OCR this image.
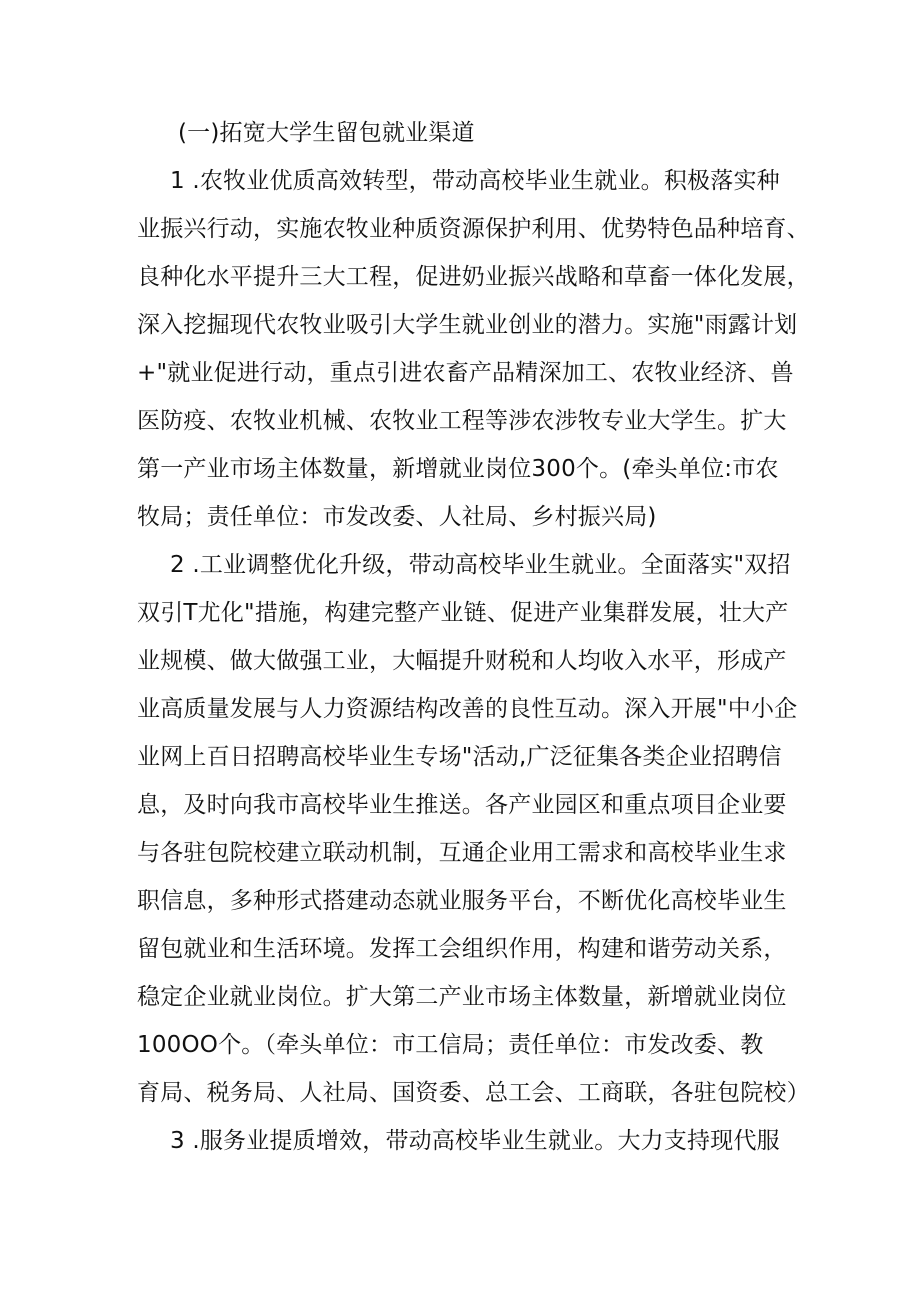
(一)拓宽大学生留包就业渠道
1 .农牧业优质高效转型，带动高校毕业生就业。积极落实种
业振兴行动，实施农牧业种质资源保护利用、优势特色品种培育、
良种化水平提升三大工程，促进奶业振兴战略和草畜一体化发展，
深入挖掘现代农牧业吸引大学生就业创业的潜力。实施"雨露计划
+"就业促进行动，重点引进农畜产品精深加工、农牧业经济、兽
医防疫、农牧业机械、农牧业工程等涉农涉牧专业大学生。扩大
第一产业市场主体数量，新增就业岗位300个。(牵头单位:市农
牧局；责任单位：市发改委、人社局、乡村振兴局)
2 .工业调整优化升级，带动高校毕业生就业。全面落实"双招
双引T尤化"措施，构建完整产业链、促进产业集群发展，壮大产
业规模、做大做强工业，大幅提升财税和人均收入水平，形成产
业高质量发展与人力资源结构改善的良性互动。深入开展"中小企
业网上百日招聘高校毕业生专场"活动,广泛征集各类企业招聘信
息，及时向我市高校毕业生推送。各产业园区和重点项目企业要
与各驻包院校建立联动机制，互通企业用工需求和高校毕业生求
职信息，多种形式搭建动态就业服务平台，不断优化高校毕业生
留包就业和生活环境。发挥工会组织作用，构建和谐劳动关系，
稳定企业就业岗位。扩大第二产业市场主体数量，新增就业岗位
100OO个。（牵头单位：市工信局；责任单位：市发改委、教
育局、税务局、人社局、国资委、总工会、工商联，各驻包院校）
3 .服务业提质增效，带动高校毕业生就业。大力支持现代服
